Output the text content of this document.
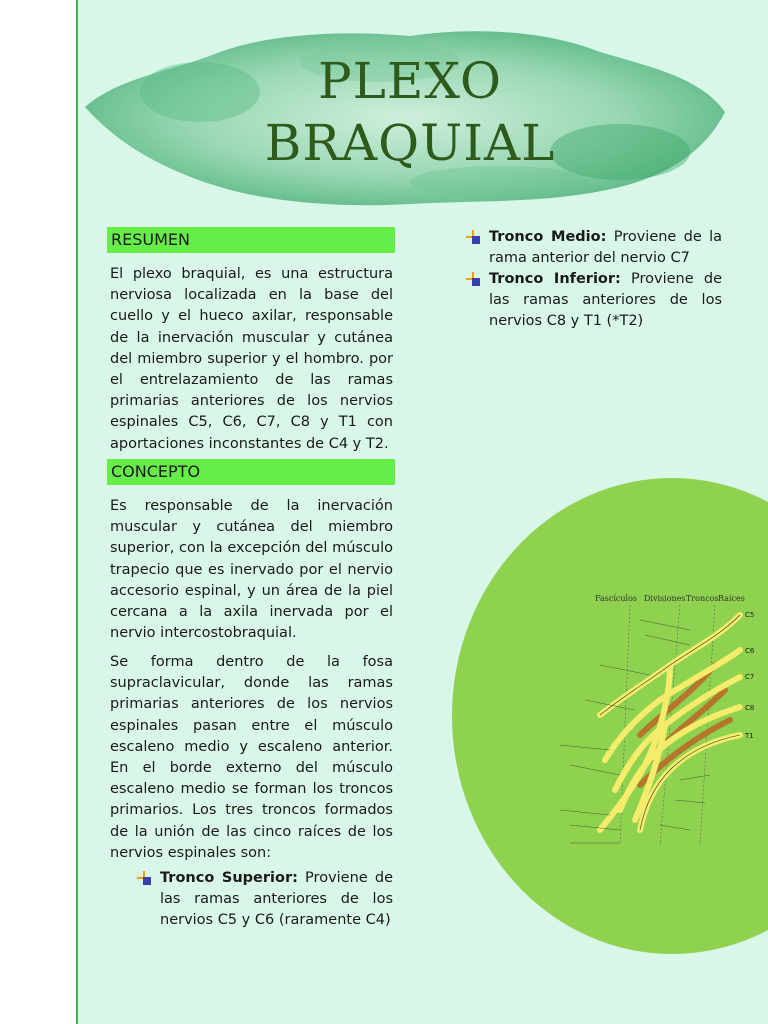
PLEXO
BRAQUIAL
RESUMEN
El plexo braquial, es una estructura nerviosa localizada en la base del cuello y el hueco axilar, responsable de la inervación muscular y cutánea del miembro superior y el hombro. por el entrelazamiento de las ramas primarias anteriores de los nervios espinales C5, C6, C7, C8 y T1 con aportaciones inconstantes de C4 y T2.
CONCEPTO
Es responsable de la inervación muscular y cutánea del miembro superior, con la excepción del músculo trapecio que es inervado por el nervio accesorio espinal, y un área de la piel cercana a la axila inervada por el nervio intercostobraquial.
Se forma dentro de la fosa supraclavicular, donde las ramas primarias anteriores de los nervios espinales pasan entre el músculo escaleno medio y escaleno anterior. En el borde externo del músculo escaleno medio se forman los troncos primarios. Los tres troncos formados de la unión de las cinco raíces de los nervios espinales son:
Tronco Superior: Proviene de las ramas anteriores de los nervios C5 y C6 (raramente C4)
Tronco Medio: Proviene de la rama anterior del nervio C7
Tronco Inferior: Proviene de las ramas anteriores de los nervios C8 y T1 (*T2)
Fascículos Divisiones Troncos Raíces
C5
C6
C7
C8
T1
